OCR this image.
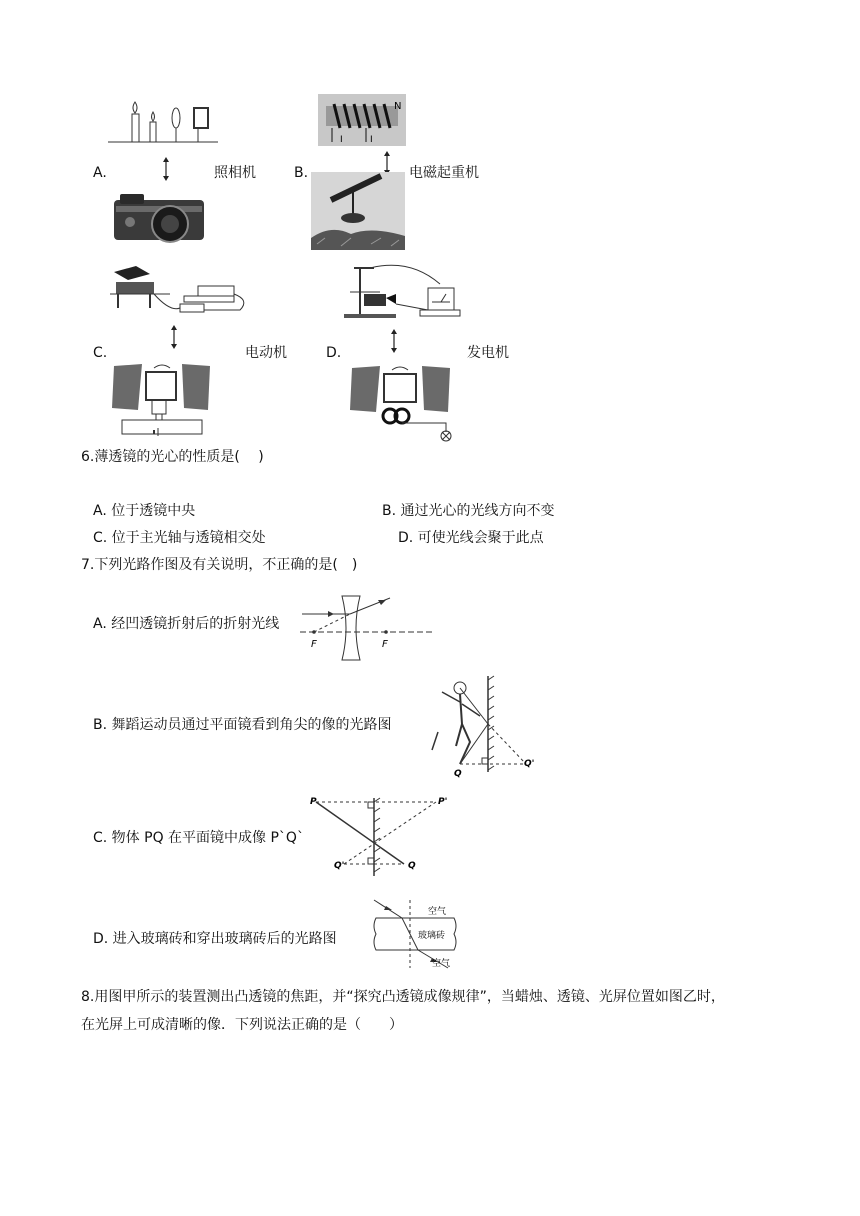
A.	照相机
N
I	I
B.	电磁起重机
C.	电动机	D.	发电机
6.薄透镜的光心的性质是(　 )
A. 位于透镜中央	B. 通过光心的光线方向不变
C. 位于主光轴与透镜相交处	D. 可使光线会聚于此点
7.下列光路作图及有关说明，不正确的是(　)
A. 经凹透镜折射后的折射光线
F	F
B. 舞蹈运动员通过平面镜看到角尖的像的光路图
Q
Q'
C. 物体 PQ 在平面镜中成像 P`Q`
P	P'
Q
Q'
D. 进入玻璃砖和穿出玻璃砖后的光路图
空气
玻璃砖
空气
8.用图甲所示的装置测出凸透镜的焦距，并“探究凸透镜成像规律”，当蜡烛、透镜、光屏位置如图乙时，
在光屏上可成清晰的像．下列说法正确的是（　　）
